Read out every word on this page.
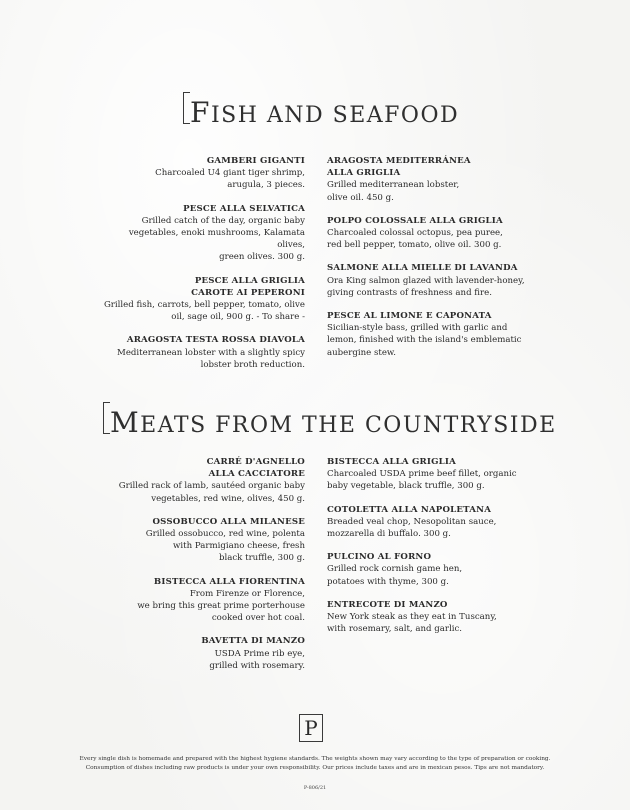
FISH AND SEAFOOD
GAMBERI GIGANTI
Charcoaled U4 giant tiger shrimp,
arugula, 3 pieces.
PESCE ALLA SELVATICA
Grilled catch of the day, organic baby
vegetables, enoki mushrooms, Kalamata olives,
green olives. 300 g.
PESCE ALLA GRIGLIA
CAROTE AI PEPERONI
Grilled fish, carrots, bell pepper, tomato, olive
oil, sage oil, 900 g. - To share -
ARAGOSTA TESTA ROSSA DIAVOLA
Mediterranean lobster with a slightly spicy
lobster broth reduction.
ARAGOSTA MEDITERRÁNEA
ALLA GRIGLIA
Grilled mediterranean lobster,
olive oil. 450 g.
POLPO COLOSSALE ALLA GRIGLIA
Charcoaled colossal octopus, pea puree,
red bell pepper, tomato, olive oil. 300 g.
SALMONE ALLA MIELLE DI LAVANDA
Ora King salmon glazed with lavender-honey,
giving contrasts of freshness and fire.
PESCE AL LIMONE E CAPONATA
Sicilian-style bass, grilled with garlic and
lemon, finished with the island's emblematic
aubergine stew.
MEATS FROM THE COUNTRYSIDE
CARRÉ D'AGNELLO
ALLA CACCIATORE
Grilled rack of lamb, sautéed organic baby
vegetables, red wine, olives, 450 g.
OSSOBUCCO ALLA MILANESE
Grilled ossobucco, red wine, polenta
with Parmigiano cheese, fresh
black truffle, 300 g.
BISTECCA ALLA FIORENTINA
From Firenze or Florence,
we bring this great prime porterhouse
cooked over hot coal.
BAVETTA DI MANZO
USDA Prime rib eye,
grilled with rosemary.
BISTECCA ALLA GRIGLIA
Charcoaled USDA prime beef fillet, organic
baby vegetable, black truffle, 300 g.
COTOLETTA ALLA NAPOLETANA
Breaded veal chop, Nesopolitan sauce,
mozzarella di buffalo. 300 g.
PULCINO AL FORNO
Grilled rock cornish game hen,
potatoes with thyme, 300 g.
ENTRECOTE DI MANZO
New York steak as they eat in Tuscany,
with rosemary, salt, and garlic.
P
Every single dish is homemade and prepared with the highest hygiene standards. The weights shown may vary according to the type of preparation or cooking.
Consumption of dishes including raw products is under your own responsibility. Our prices include taxes and are in mexican pesos. Tips are not mandatory.
P-806/21
